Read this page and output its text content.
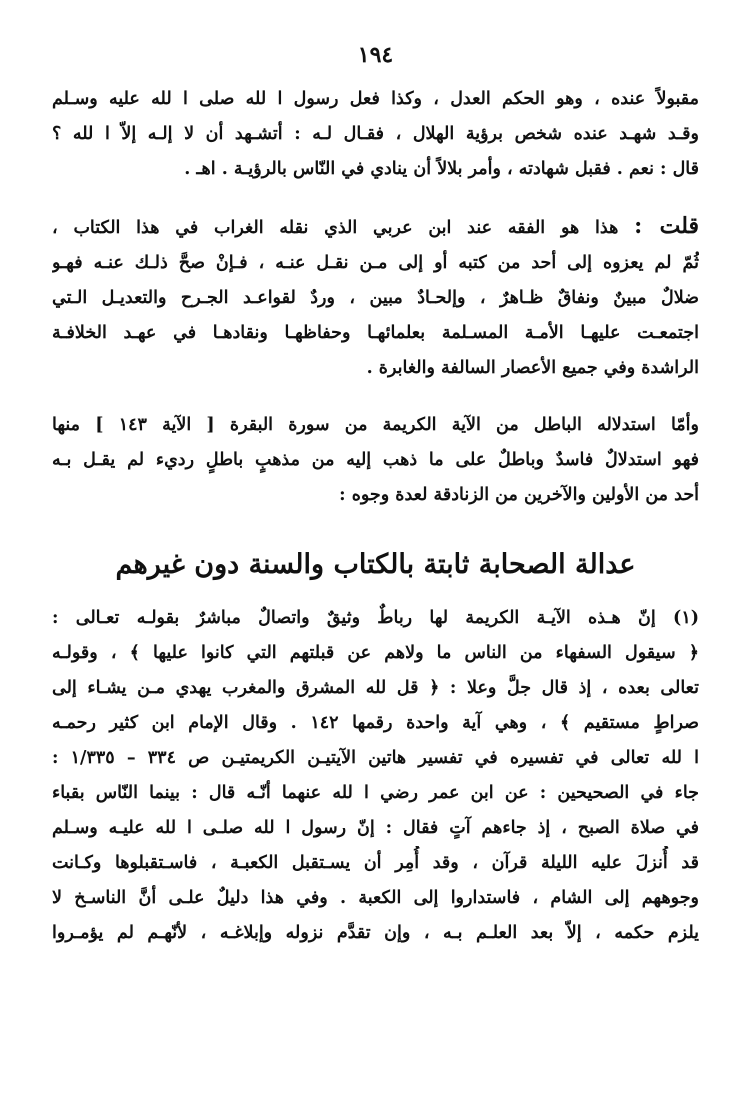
١٩٤
مقبولاً عنده ، وهو الحكم العدل ، وكذا فعل رسول ا لله صلى ا لله عليه وسـلم
وقـد شهـد عنده شخص برؤية الهلال ، فقـال لـه : أتشـهد أن لا إلـه إلاّ ا لله ؟
قال : نعم . فقبل شهادته ، وأمر بلالاً أن ينادي في النّاس بالرؤيـة . اهـ .
قلت : هذا هو الفقه عند ابن عربي الذي نقله الغراب في هذا الكتاب ،
ثُمّ لم يعزوه إلى أحد من كتبه أو إلى مـن نقـل عنـه ، فـإنْ صحَّ ذلـك عنـه فهـو
ضلالٌ مبينٌ ونفاقٌ ظـاهرٌ ، وإلحـادٌ مبين ، وردٌ لقواعـد الجـرح والتعديـل الـتي
اجتمعـت عليهـا الأمـة المسـلمة بعلمائهـا وحفاظهـا ونقادهـا في عهـد الخلافـة
الراشدة وفي جميع الأعصار السالفة والغابرة .
وأمّا استدلاله الباطل من الآية الكريمة من سورة البقرة [ الآية ١٤٣ ] منها
فهو استدلالٌ فاسدٌ وباطلٌ على ما ذهب إليه من مذهبٍ باطلٍ رديء لم يقـل بـه
أحد من الأولين والآخرين من الزنادقة لعدة وجوه :
عدالة الصحابة ثابتة بالكتاب والسنة دون غيرهم
(١) إنّ هـذه الآيـة الكريمة لها رباطٌ وثيقٌ واتصالٌ مباشرٌ بقولـه تعـالى :
﴿ سيقول السفهاء من الناس ما ولاهم عن قبلتهم التي كانوا عليها ﴾ ، وقولـه
تعالى بعده ، إذ قال جلَّ وعلا : ﴿ قل لله المشرق والمغرب يهدي مـن يشـاء إلى
صراطٍ مستقيم ﴾ ، وهي آية واحدة رقمها ١٤٢ . وقال الإمام ابن كثير رحمـه
ا لله تعالى في تفسيره في تفسير هاتين الآيتيـن الكريمتيـن ص ٣٣٤ – ١/٣٣٥ :
جاء في الصحيحين : عن ابن عمر رضي ا لله عنهما أنّـه قال : بينما النّاس بقباء
في صلاة الصبح ، إذ جاءهم آتٍ فقال : إنّ رسول ا لله صلـى ا لله عليـه وسـلم
قد أُنزلَ عليه الليلة قرآن ، وقد أُمِر أن يسـتقبل الكعبـة ، فاسـتقبلوها وكـانت
وجوههم إلى الشام ، فاستداروا إلى الكعبة . وفي هذا دليلٌ علـى أنَّ الناسـخ لا
يلزم حكمه ، إلاّ بعد العلـم بـه ، وإن تقدَّم نزوله وإبلاغـه ، لأنّهـم لم يؤمـروا
